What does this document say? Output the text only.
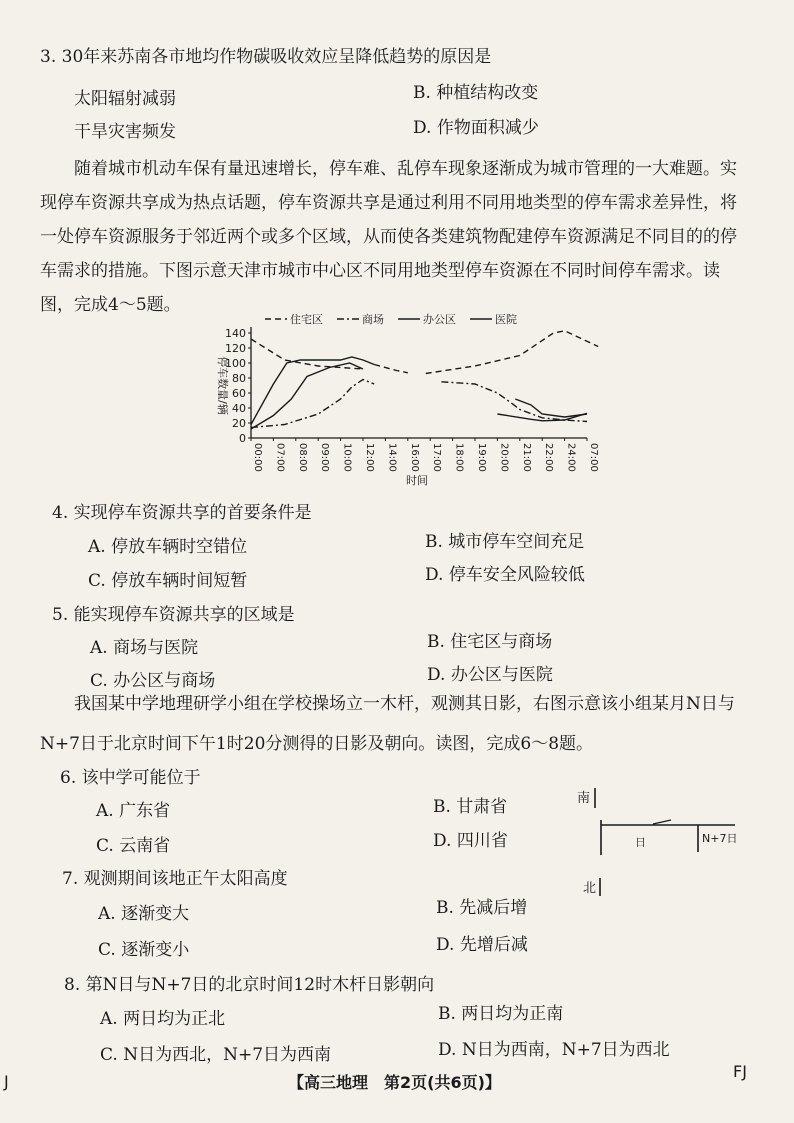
3. 30年来苏南各市地均作物碳吸收效应呈降低趋势的原因是
太阳辐射减弱	B. 种植结构改变
干旱灾害频发	D. 作物面积减少
随着城市机动车保有量迅速增长，停车难、乱停车现象逐渐成为城市管理的一大难题。实现停车资源共享成为热点话题，停车资源共享是通过利用不同用地类型的停车需求差异性，将一处停车资源服务于邻近两个或多个区域，从而使各类建筑物配建停车资源满足不同目的的停车需求的措施。下图示意天津市城市中心区不同用地类型停车资源在不同时间停车需求。读图，完成4～5题。
0
20
40
60
80
100
120
140
00:00 07:00 08:00 09:00 10:00 12:00 14:00 16:00 17:00 18:00 19:00 20:00 21:00 22:00 24:00 07:00
停车数量/辆
时间
住宅区	商场	办公区	医院
4. 实现停车资源共享的首要条件是
A. 停放车辆时空错位	B. 城市停车空间充足
C. 停放车辆时间短暂	D. 停车安全风险较低
5. 能实现停车资源共享的区域是
A. 商场与医院	B. 住宅区与商场
C. 办公区与商场	D. 办公区与医院
我国某中学地理研学小组在学校操场立一木杆，观测其日影，右图示意该小组某月N日与N+7日于北京时间下午1时20分测得的日影及朝向。读图，完成6～8题。
南
日	N+7日
北
6. 该中学可能位于
A. 广东省	B. 甘肃省
C. 云南省	D. 四川省
7. 观测期间该地正午太阳高度
A. 逐渐变大	B. 先减后增
C. 逐渐变小	D. 先增后减
8. 第N日与N+7日的北京时间12时木杆日影朝向
A. 两日均为正北	B. 两日均为正南
C. N日为西北，N+7日为西南	D. N日为西南，N+7日为西北
J	【高三地理　第2页(共6页)】
FJ
